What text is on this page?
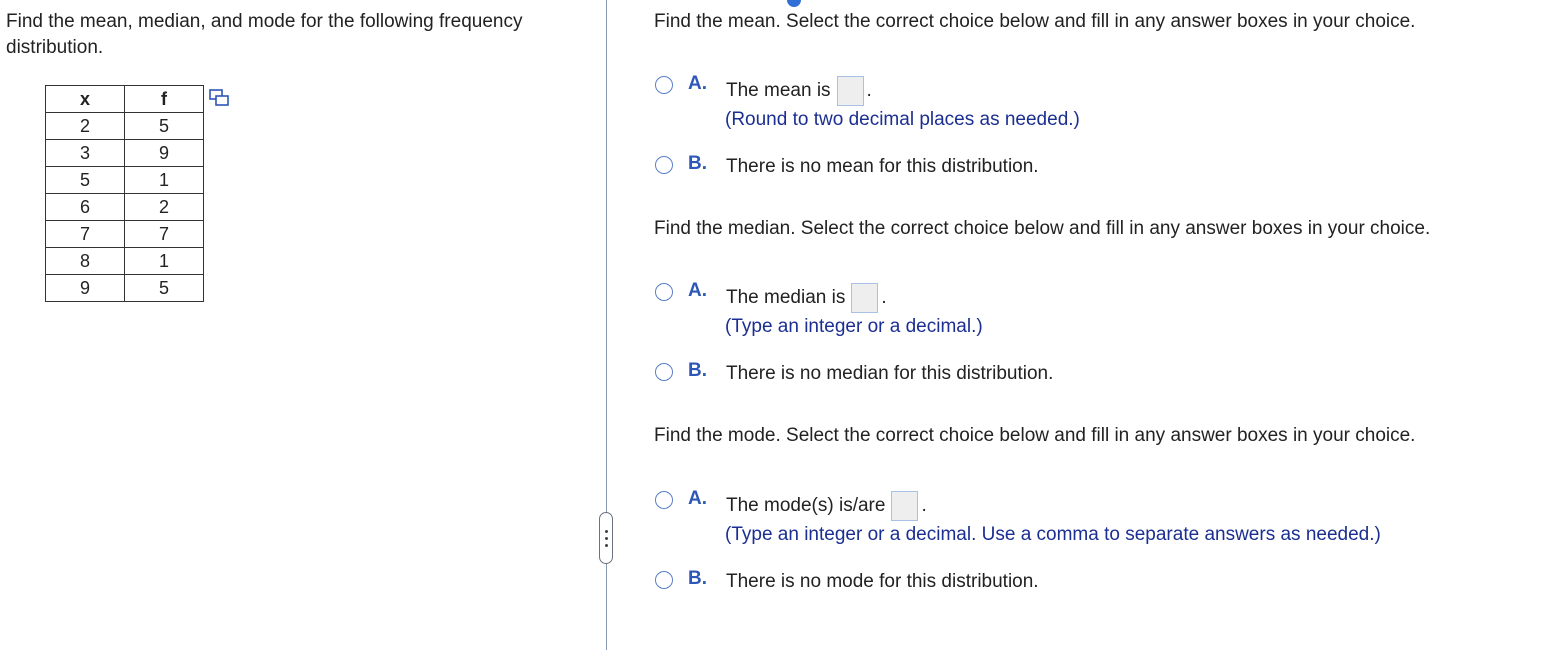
Find the mean, median, and mode for the following frequency distribution.
x	f
2	5
3	9
5	1
6	2
7	7
8	1
9	5
Find the mean. Select the correct choice below and fill in any answer boxes in your choice.
A. The mean is .
(Round to two decimal places as needed.)
B. There is no mean for this distribution.
Find the median. Select the correct choice below and fill in any answer boxes in your choice.
A. The median is .
(Type an integer or a decimal.)
B. There is no median for this distribution.
Find the mode. Select the correct choice below and fill in any answer boxes in your choice.
A. The mode(s) is/are .
(Type an integer or a decimal. Use a comma to separate answers as needed.)
B. There is no mode for this distribution.
